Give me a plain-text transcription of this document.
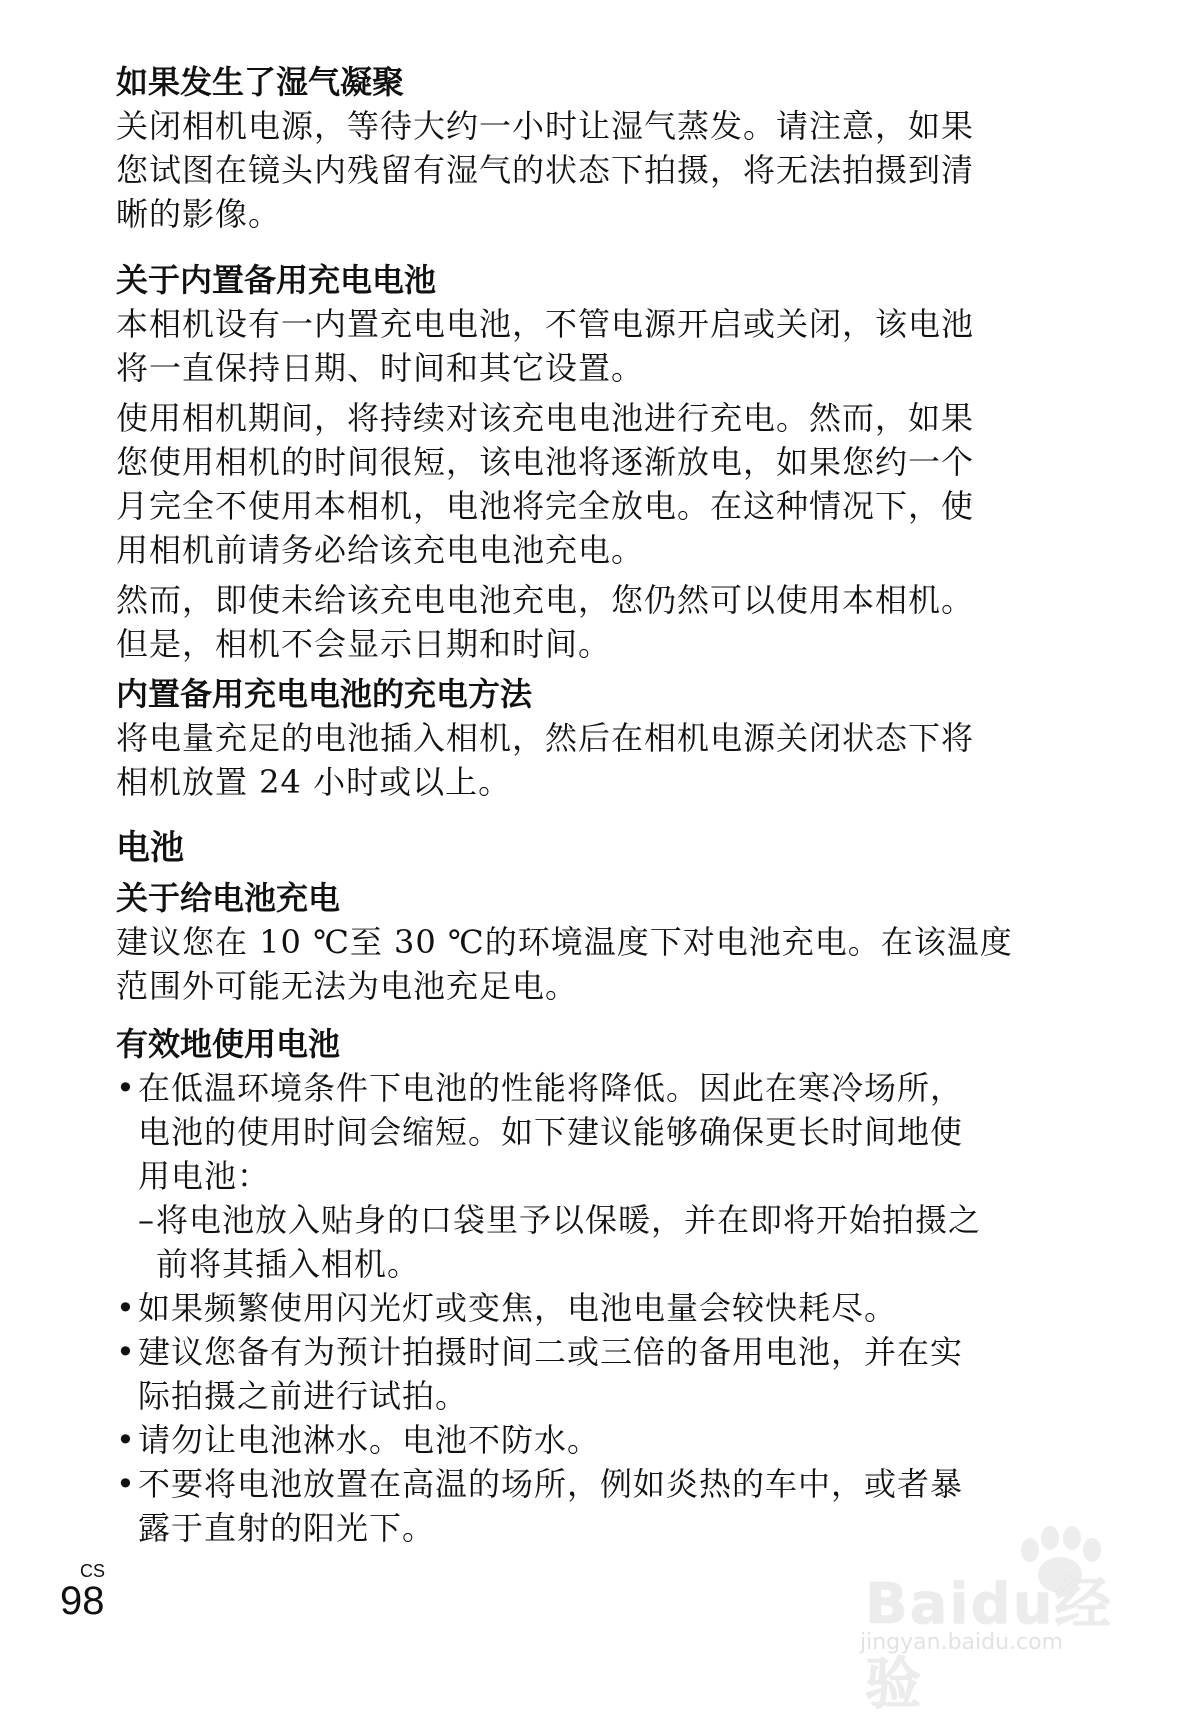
如果发生了湿气凝聚

关闭相机电源，等待大约一小时让湿气蒸发。请注意，如果

您试图在镜头内残留有湿气的状态下拍摄，将无法拍摄到清

晰的影像。

关于内置备用充电电池

本相机设有一内置充电电池，不管电源开启或关闭，该电池

将一直保持日期、时间和其它设置。

使用相机期间，将持续对该充电电池进行充电。然而，如果

您使用相机的时间很短，该电池将逐渐放电，如果您约一个

月完全不使用本相机，电池将完全放电。在这种情况下，使

用相机前请务必给该充电电池充电。

然而，即使未给该充电电池充电，您仍然可以使用本相机。

但是，相机不会显示日期和时间。

内置备用充电电池的充电方法

将电量充足的电池插入相机，然后在相机电源关闭状态下将

相机放置 24 小时或以上。

电池
关于给电池充电

建议您在 10 ℃至 30 ℃的环境温度下对电池充电。在该温度

范围外可能无法为电池充足电。

有效地使用电池
• 在低温环境条件下电池的性能将降低。因此在寒冷场所，
电池的使用时间会缩短。如下建议能够确保更长时间地使
用电池：
– 将电池放入贴身的口袋里予以保暖，并在即将开始拍摄之
前将其插入相机。
• 如果频繁使用闪光灯或变焦，电池电量会较快耗尽。
• 建议您备有为预计拍摄时间二或三倍的备用电池，并在实
际拍摄之前进行试拍。
• 请勿让电池淋水。电池不防水。
• 不要将电池放置在高温的场所，例如炎热的车中，或者暴
露于直射的阳光下。
CS
98	Baidu经验
jingyan.baidu.com
